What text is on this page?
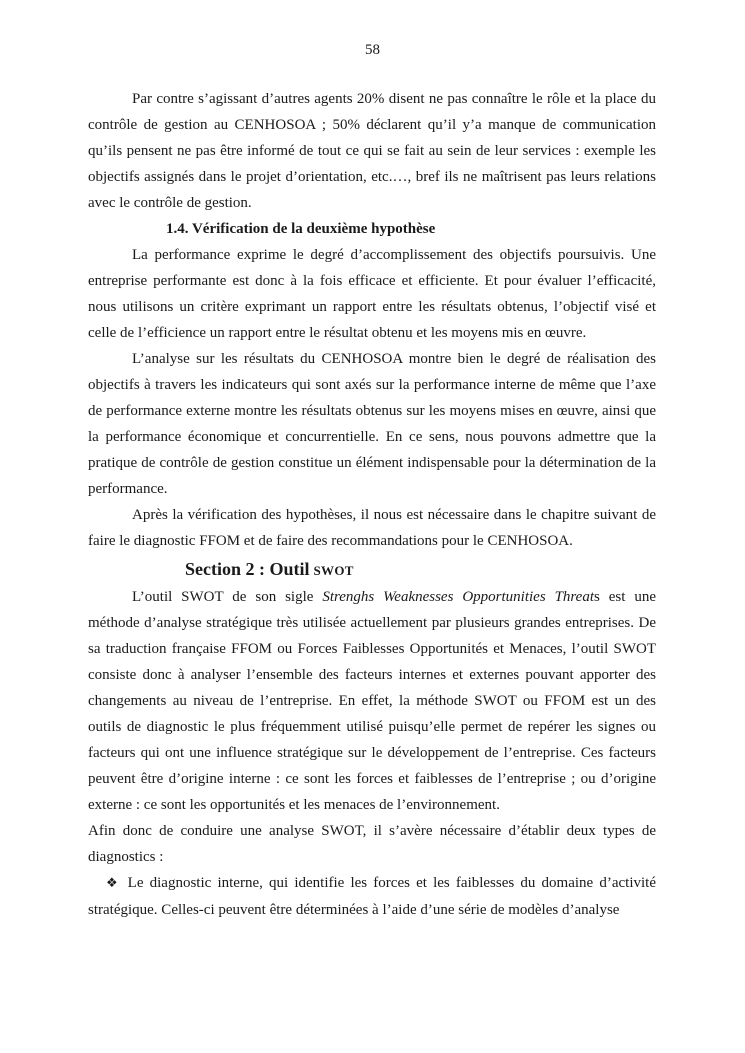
58

Par contre s’agissant d’autres agents 20% disent ne pas connaître le rôle et la place du contrôle de gestion au CENHOSOA ; 50% déclarent qu’il y’a manque de communication qu’ils pensent ne pas être informé de tout ce qui se fait au sein de leur services : exemple les objectifs assignés dans le projet d’orientation, etc.…, bref ils ne maîtrisent pas leurs relations avec le contrôle de gestion.

1.4. Vérification de la deuxième hypothèse

La performance exprime le degré d’accomplissement des objectifs poursuivis. Une entreprise performante est donc à la fois efficace et efficiente. Et pour évaluer l’efficacité, nous utilisons un critère exprimant un rapport entre les résultats obtenus, l’objectif visé et celle de l’efficience un rapport entre le résultat obtenu et les moyens mis en œuvre.

L’analyse sur les résultats du CENHOSOA montre bien le degré de réalisation des objectifs à travers les indicateurs qui sont axés sur la performance interne de même que l’axe de performance externe montre les résultats obtenus sur les moyens mises en œuvre, ainsi que la performance économique et concurrentielle. En ce sens, nous pouvons admettre que la pratique de contrôle de gestion constitue un élément indispensable pour la détermination de la performance.

Après la vérification des hypothèses, il nous est nécessaire dans le chapitre suivant de faire le diagnostic FFOM et de faire des recommandations pour le CENHOSOA.

Section 2 : Outil SWOT

L’outil SWOT de son sigle Strenghs Weaknesses Opportunities Threats est une méthode d’analyse stratégique très utilisée actuellement par plusieurs grandes entreprises. De sa traduction française FFOM ou Forces Faiblesses Opportunités et Menaces, l’outil SWOT consiste donc à analyser l’ensemble des facteurs internes et externes pouvant apporter des changements au niveau de l’entreprise. En effet, la méthode SWOT ou FFOM est un des outils de diagnostic le plus fréquemment utilisé puisqu’elle permet de repérer les signes ou facteurs qui ont une influence stratégique sur le développement de l’entreprise. Ces facteurs peuvent être d’origine interne : ce sont les forces et faiblesses de l’entreprise ; ou d’origine externe : ce sont les opportunités et les menaces de l’environnement.

Afin donc de conduire une analyse SWOT, il s’avère nécessaire d’établir deux types de diagnostics :

❖ Le diagnostic interne, qui identifie les forces et les faiblesses du domaine d’activité stratégique. Celles-ci peuvent être déterminées à l’aide d’une série de modèles d’analyse
